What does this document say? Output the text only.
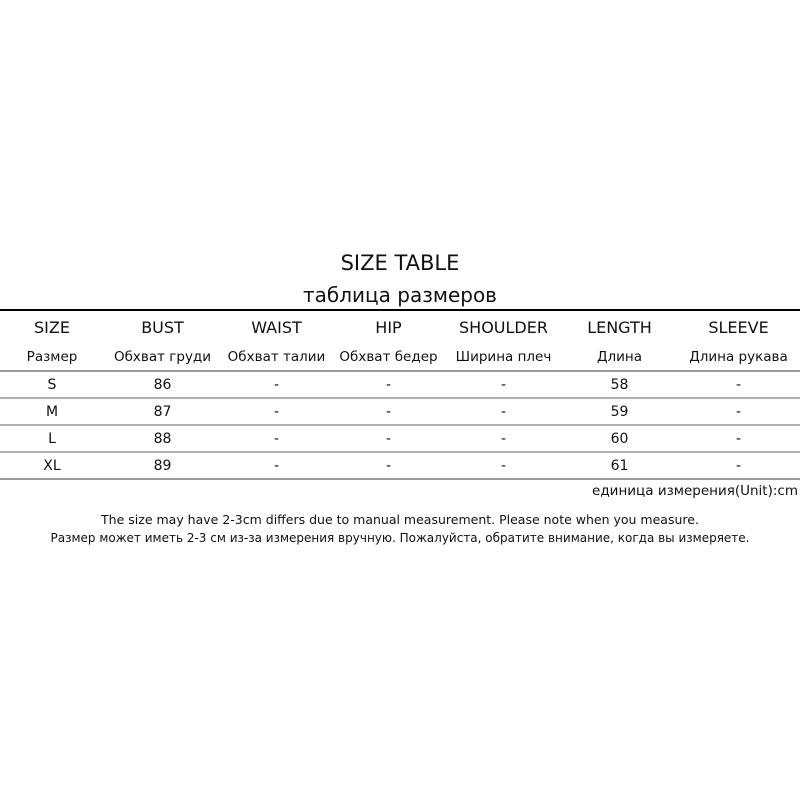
SIZE TABLE
таблица размеров
SIZE	BUST	WAIST	HIP	SHOULDER	LENGTH	SLEEVE
Размер	Обхват груди	Обхват талии	Обхват бедер	Ширина плеч	Длина	Длина рукава
S	86	-	-	-	58	-
M	87	-	-	-	59	-
L	88	-	-	-	60	-
XL	89	-	-	-	61	-
единица измерения(Unit):cm
The size may have 2-3cm differs due to manual measurement. Please note when you measure.
Размер может иметь 2-3 см из-за измерения вручную. Пожалуйста, обратите внимание, когда вы измеряете.
